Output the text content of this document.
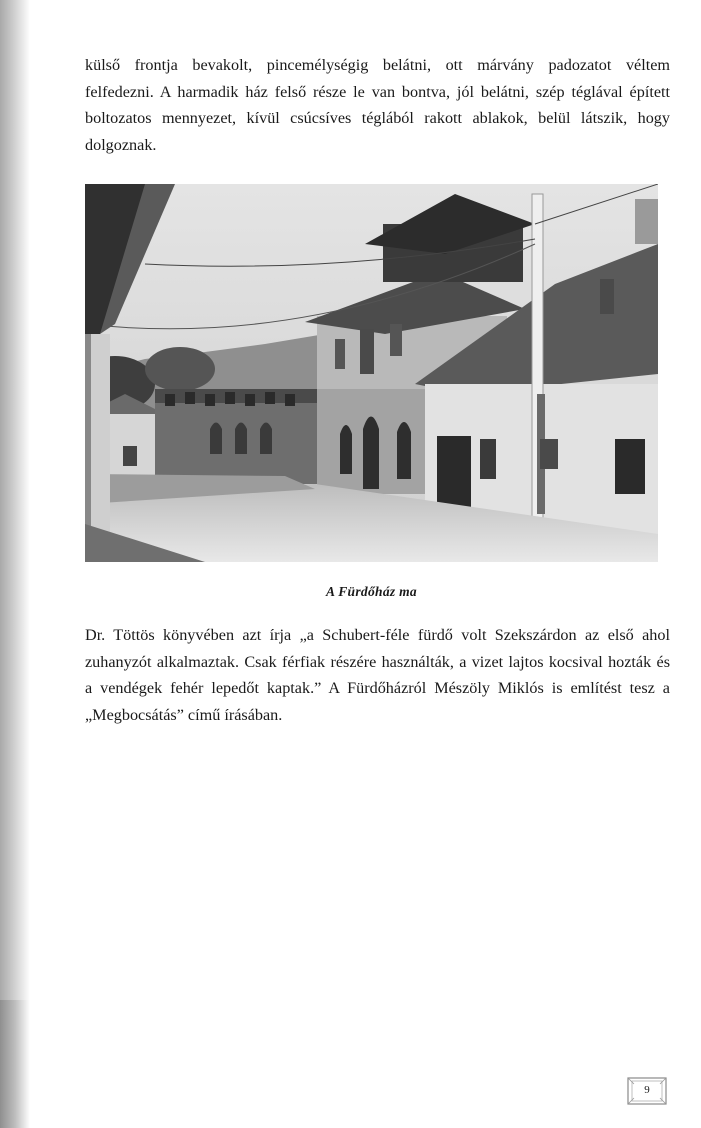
külső frontja bevakolt, pincemélységig belátni, ott márvány padozatot véltem
felfedezni. A harmadik ház felső része le van bontva, jól belátni, szép téglával épített
boltozatos mennyezet, kívül csúcsíves téglából rakott ablakok, belül látszik, hogy
dolgoznak.
A Fürdőház ma
Dr. Töttös könyvében azt írja „a Schubert-féle fürdő volt Szekszárdon az első ahol
zuhanyzót alkalmaztak. Csak férfiak részére használták, a vizet lajtos kocsival hozták és
a vendégek fehér lepedőt kaptak.” A Fürdőházról Mészöly Miklós is említést tesz a
„Megbocsátás” című írásában.
9
